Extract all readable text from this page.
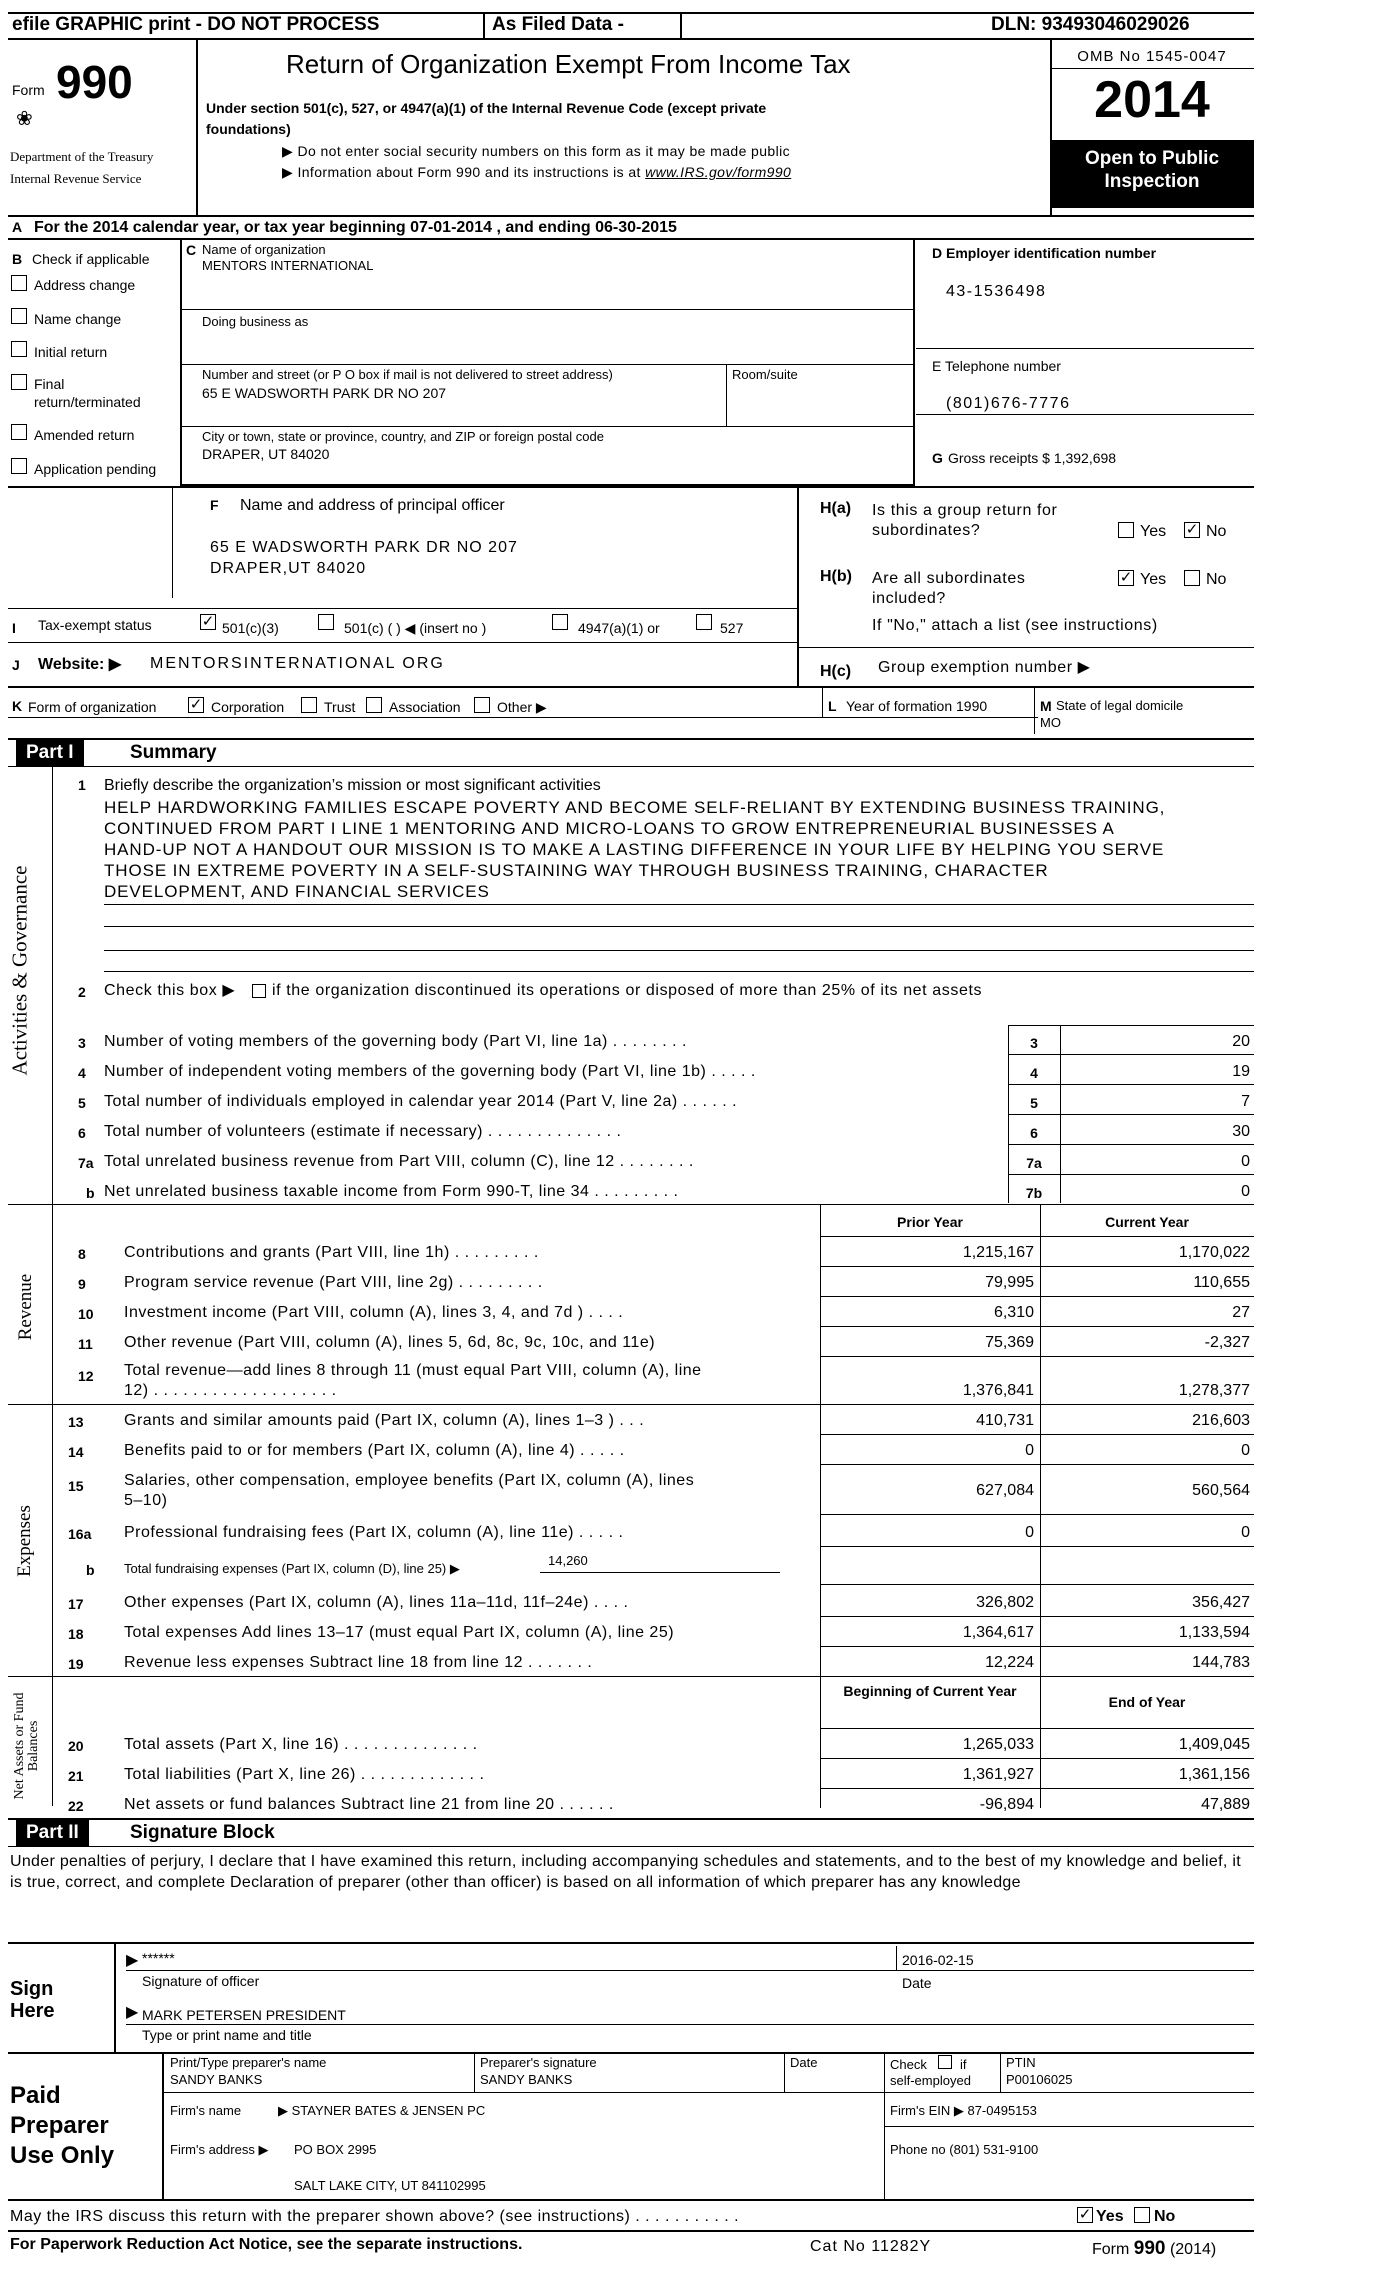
efile GRAPHIC print - DO NOT PROCESS	As Filed Data -	DLN: 93493046029026
Form 990
❀
Department of the Treasury
Internal Revenue Service
Return of Organization Exempt From Income Tax
Under section 501(c), 527, or 4947(a)(1) of the Internal Revenue Code (except private
foundations)
▶ Do not enter social security numbers on this form as it may be made public
▶ Information about Form 990 and its instructions is at www.IRS.gov/form990
OMB No 1545-0047
2014
Open to Public
Inspection
A For the 2014 calendar year, or tax year beginning 07-01-2014 , and ending 06-30-2015
B Check if applicable
Address change
Name change
Initial return
Final
return/terminated
Amended return
Application pending
C Name of organization
MENTORS INTERNATIONAL
Doing business as
Number and street (or P O box if mail is not delivered to street address)	Room/suite
65 E WADSWORTH PARK DR NO 207
City or town, state or province, country, and ZIP or foreign postal code
DRAPER, UT 84020
D Employer identification number
43-1536498
E Telephone number
(801)676-7776
G Gross receipts $ 1,392,698
F Name and address of principal officer
65 E WADSWORTH PARK DR NO 207
DRAPER,UT 84020
H(a) Is this a group return for
subordinates?	Yes ✓ No
H(b) Are all subordinates
included?
✓ Yes No
If "No," attach a list (see instructions)
H(c) Group exemption number ▶
I Tax-exempt status	✓ 501(c)(3)	501(c) ( ) ◀ (insert no )	4947(a)(1) or	527
J Website: ▶ MENTORSINTERNATIONAL ORG
K Form of organization ✓ Corporation	Trust Association	Other ▶	L Year of formation 1990	M State of legal domicile
MO
Part I	Summary
Activities & Governance
1 Briefly describe the organization’s mission or most significant activities
HELP HARDWORKING FAMILIES ESCAPE POVERTY AND BECOME SELF-RELIANT BY EXTENDING BUSINESS TRAINING,
CONTINUED FROM PART I LINE 1 MENTORING AND MICRO-LOANS TO GROW ENTREPRENEURIAL BUSINESSES A
HAND-UP NOT A HANDOUT OUR MISSION IS TO MAKE A LASTING DIFFERENCE IN YOUR LIFE BY HELPING YOU SERVE
THOSE IN EXTREME POVERTY IN A SELF-SUSTAINING WAY THROUGH BUSINESS TRAINING, CHARACTER
DEVELOPMENT, AND FINANCIAL SERVICES
2 Check this box ▶ if the organization discontinued its operations or disposed of more than 25% of its net assets
3 Number of voting members of the governing body (Part VI, line 1a) . . . . . . . .	3	20
4 Number of independent voting members of the governing body (Part VI, line 1b) . . . . .	4	19
5 Total number of individuals employed in calendar year 2014 (Part V, line 2a) . . . . . .	5	7
6 Total number of volunteers (estimate if necessary) . . . . . . . . . . . . . .	6	30
7a Total unrelated business revenue from Part VIII, column (C), line 12 . . . . . . . .	7a	0
b Net unrelated business taxable income from Form 990-T, line 34 . . . . . . . . .	7b	0
Prior Year	Current Year
Revenue
8 Contributions and grants (Part VIII, line 1h) . . . . . . . . .	1,215,167	1,170,022
9 Program service revenue (Part VIII, line 2g) . . . . . . . . .	79,995	110,655
10 Investment income (Part VIII, column (A), lines 3, 4, and 7d ) . . . .	6,310	27
11 Other revenue (Part VIII, column (A), lines 5, 6d, 8c, 9c, 10c, and 11e)	75,369	-2,327
12 Total revenue—add lines 8 through 11 (must equal Part VIII, column (A), line
12) . . . . . . . . . . . . . . . . . . .	1,376,841	1,278,377
Expenses
13	Grants and similar amounts paid (Part IX, column (A), lines 1–3 ) . . .	410,731	216,603
14	Benefits paid to or for members (Part IX, column (A), line 4) . . . . .	0	0
15	Salaries, other compensation, employee benefits (Part IX, column (A), lines
5–10)
627,084	560,564
16a Professional fundraising fees (Part IX, column (A), line 11e) . . . . .	0	0
b Total fundraising expenses (Part IX, column (D), line 25) ▶
14,260
17	Other expenses (Part IX, column (A), lines 11a–11d, 11f–24e) . . . .	326,802	356,427
18	Total expenses Add lines 13–17 (must equal Part IX, column (A), line 25)	1,364,617	1,133,594
19	Revenue less expenses Subtract line 18 from line 12 . . . . . . .	12,224	144,783
Net Assets or Fund Balances
Beginning of Current Year
End of Year
20	Total assets (Part X, line 16) . . . . . . . . . . . . . .	1,265,033	1,409,045
21	Total liabilities (Part X, line 26) . . . . . . . . . . . . .	1,361,927	1,361,156
22	Net assets or fund balances Subtract line 21 from line 20 . . . . . .	-96,894	47,889
Part II	Signature Block
Under penalties of perjury, I declare that I have examined this return, including accompanying schedules and statements, and to the best of my knowledge and belief, it is true, correct, and complete Declaration of preparer (other than officer) is based on all information of which preparer has any knowledge
Sign
Here
▶ ******	2016-02-15
Signature of officer	Date
▶ MARK PETERSEN PRESIDENT
Type or print name and title
Paid
Preparer
Use Only
Print/Type preparer's name
SANDY BANKS
Preparer's signature
SANDY BANKS
Date	Check	if
self-employed
PTIN
P00106025
Firm's name	▶ STAYNER BATES & JENSEN PC	Firm's EIN ▶ 87-0495153
Firm's address ▶ PO BOX 2995	Phone no (801) 531-9100
SALT LAKE CITY, UT 841102995
May the IRS discuss this return with the preparer shown above? (see instructions) . . . . . . . . . . .	✓ Yes No
For Paperwork Reduction Act Notice, see the separate instructions.	Cat No 11282Y	Form 990 (2014)
